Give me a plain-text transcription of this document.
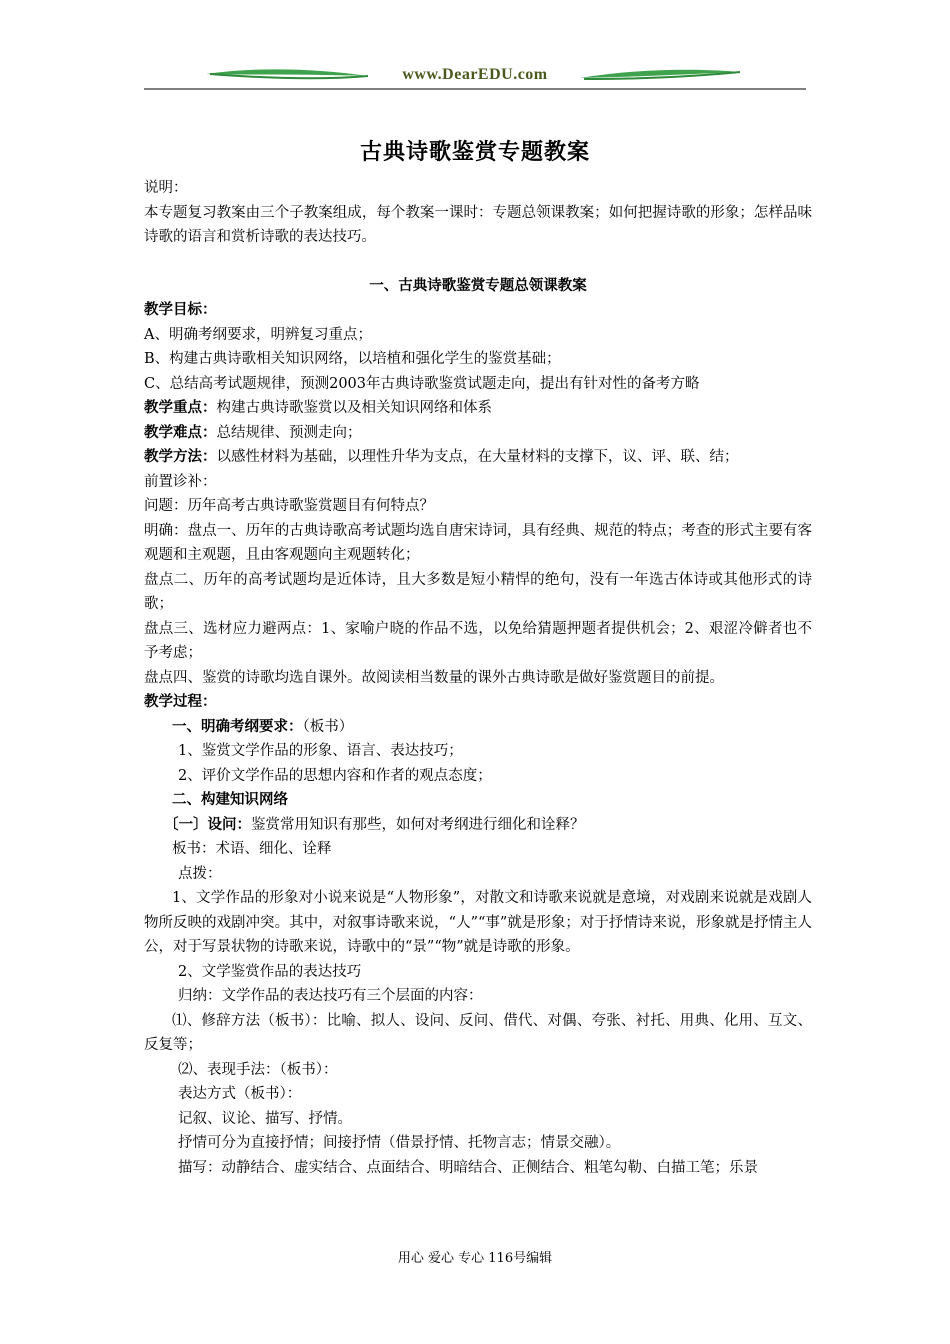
www.DearEDU.com
古典诗歌鉴赏专题教案

说明：

本专题复习教案由三个子教案组成，每个教案一课时：专题总领课教案；如何把握诗歌的形象；怎样品味诗歌的语言和赏析诗歌的表达技巧。

一、古典诗歌鉴赏专题总领课教案

教学目标：

A、明确考纲要求，明辨复习重点；

B、构建古典诗歌相关知识网络，以培植和强化学生的鉴赏基础；

C、总结高考试题规律，预测2003年古典诗歌鉴赏试题走向，提出有针对性的备考方略

教学重点：构建古典诗歌鉴赏以及相关知识网络和体系

教学难点：总结规律、预测走向；

教学方法：以感性材料为基础，以理性升华为支点，在大量材料的支撑下，议、评、联、结；

前置诊补：

问题：历年高考古典诗歌鉴赏题目有何特点？

明确：盘点一、历年的古典诗歌高考试题均选自唐宋诗词，具有经典、规范的特点；考查的形式主要有客观题和主观题，且由客观题向主观题转化；

盘点二、历年的高考试题均是近体诗，且大多数是短小精悍的绝句，没有一年选古体诗或其他形式的诗歌；

盘点三、选材应力避两点：1、家喻户晓的作品不选，以免给猜题押题者提供机会；2、艰涩冷僻者也不予考虑；

盘点四、鉴赏的诗歌均选自课外。故阅读相当数量的课外古典诗歌是做好鉴赏题目的前提。

教学过程：

一、明确考纲要求：（板书）

1、鉴赏文学作品的形象、语言、表达技巧；

2、评价文学作品的思想内容和作者的观点态度；

二、构建知识网络

〔一〕设问：鉴赏常用知识有那些，如何对考纲进行细化和诠释？

板书：术语、细化、诠释

点拨：

1、文学作品的形象对小说来说是“人物形象”，对散文和诗歌来说就是意境，对戏剧来说就是戏剧人物所反映的戏剧冲突。其中，对叙事诗歌来说，“人”“事”就是形象；对于抒情诗来说，形象就是抒情主人公，对于写景状物的诗歌来说，诗歌中的“景”“物”就是诗歌的形象。

2、文学鉴赏作品的表达技巧

归纳：文学作品的表达技巧有三个层面的内容：

⑴、修辞方法（板书）：比喻、拟人、设问、反问、借代、对偶、夸张、衬托、用典、化用、互文、反复等；

⑵、表现手法：（板书）：

表达方式（板书）：

记叙、议论、描写、抒情。

抒情可分为直接抒情；间接抒情（借景抒情、托物言志；情景交融）。

描写：动静结合、虚实结合、点面结合、明暗结合、正侧结合、粗笔勾勒、白描工笔；乐景

用心 爱心 专心 116号编辑
